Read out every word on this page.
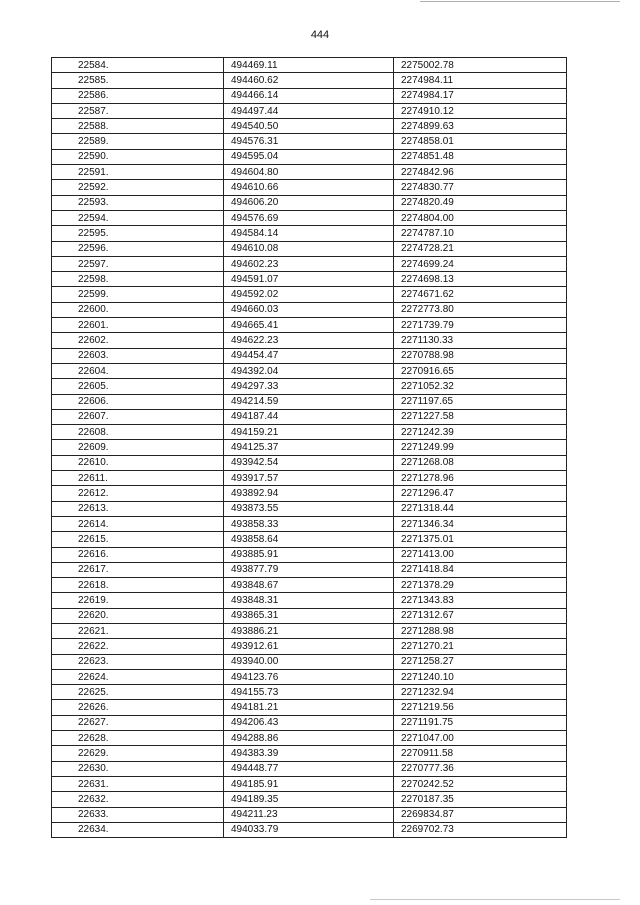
444
22584.	494469.11	2275002.78
22585.	494460.62	2274984.11
22586.	494466.14	2274984.17
22587.	494497.44	2274910.12
22588.	494540.50	2274899.63
22589.	494576.31	2274858.01
22590.	494595.04	2274851.48
22591.	494604.80	2274842.96
22592.	494610.66	2274830.77
22593.	494606.20	2274820.49
22594.	494576.69	2274804.00
22595.	494584.14	2274787.10
22596.	494610.08	2274728.21
22597.	494602.23	2274699.24
22598.	494591.07	2274698.13
22599.	494592.02	2274671.62
22600.	494660.03	2272773.80
22601.	494665.41	2271739.79
22602.	494622.23	2271130.33
22603.	494454.47	2270788.98
22604.	494392.04	2270916.65
22605.	494297.33	2271052.32
22606.	494214.59	2271197.65
22607.	494187.44	2271227.58
22608.	494159.21	2271242.39
22609.	494125.37	2271249.99
22610.	493942.54	2271268.08
22611.	493917.57	2271278.96
22612.	493892.94	2271296.47
22613.	493873.55	2271318.44
22614.	493858.33	2271346.34
22615.	493858.64	2271375.01
22616.	493885.91	2271413.00
22617.	493877.79	2271418.84
22618.	493848.67	2271378.29
22619.	493848.31	2271343.83
22620.	493865.31	2271312.67
22621.	493886.21	2271288.98
22622.	493912.61	2271270.21
22623.	493940.00	2271258.27
22624.	494123.76	2271240.10
22625.	494155.73	2271232.94
22626.	494181.21	2271219.56
22627.	494206.43	2271191.75
22628.	494288.86	2271047.00
22629.	494383.39	2270911.58
22630.	494448.77	2270777.36
22631.	494185.91	2270242.52
22632.	494189.35	2270187.35
22633.	494211.23	2269834.87
22634.	494033.79	2269702.73
